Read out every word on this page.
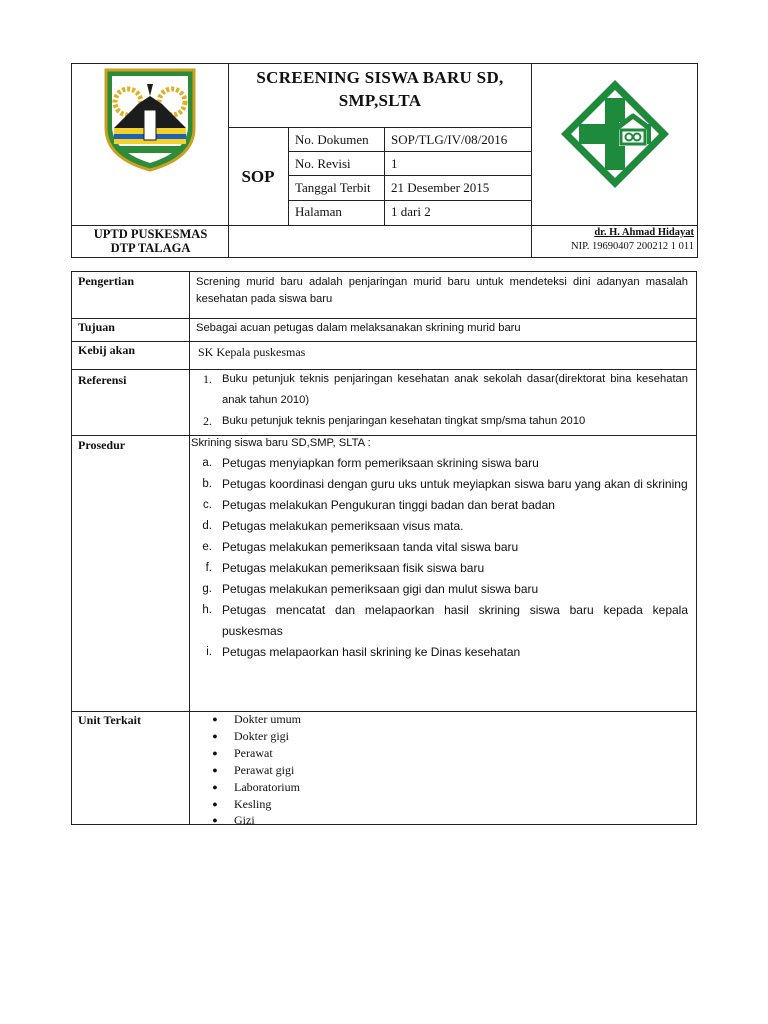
SCREENING SISWA BARU SD, SMP,SLTA
SOP
No. Dokumen	SOP/TLG/IV/08/2016
No. Revisi	1
Tanggal Terbit	21 Desember 2015
Halaman	1 dari 2
UPTD PUSKESMAS
DTP TALAGA
dr. H. Ahmad Hidayat
NIP. 19690407 200212 1 011
Pengertian	Screning murid baru adalah penjaringan murid baru untuk mendeteksi dini adanyan masalah kesehatan pada siswa baru
Tujuan	Sebagai acuan petugas dalam melaksanakan skrining murid baru
Kebij akan	SK Kepala puskesmas
Referensi	1. Buku petunjuk teknis penjaringan kesehatan anak sekolah dasar(direktorat bina kesehatan anak tahun 2010)
2. Buku petunjuk teknis penjaringan kesehatan tingkat smp/sma tahun 2010
Prosedur	Skrining siswa baru SD,SMP, SLTA :
a. Petugas menyiapkan form pemeriksaan skrining siswa baru
b. Petugas koordinasi dengan guru uks untuk meyiapkan siswa baru yang akan di skrining
c. Petugas melakukan Pengukuran tinggi badan dan berat badan
d. Petugas melakukan pemeriksaan visus mata.
e. Petugas melakukan pemeriksaan tanda vital siswa baru
f. Petugas melakukan pemeriksaan fisik siswa baru
g. Petugas melakukan pemeriksaan gigi dan mulut siswa baru
h. Petugas mencatat dan melapaorkan hasil skrining siswa baru kepada kepala puskesmas
i. Petugas melapaorkan hasil skrining ke Dinas kesehatan
Unit Terkait	●	Dokter umum
●	Dokter gigi
●	Perawat
●	Perawat gigi
●	Laboratorium
●	Kesling
●	Gizi
